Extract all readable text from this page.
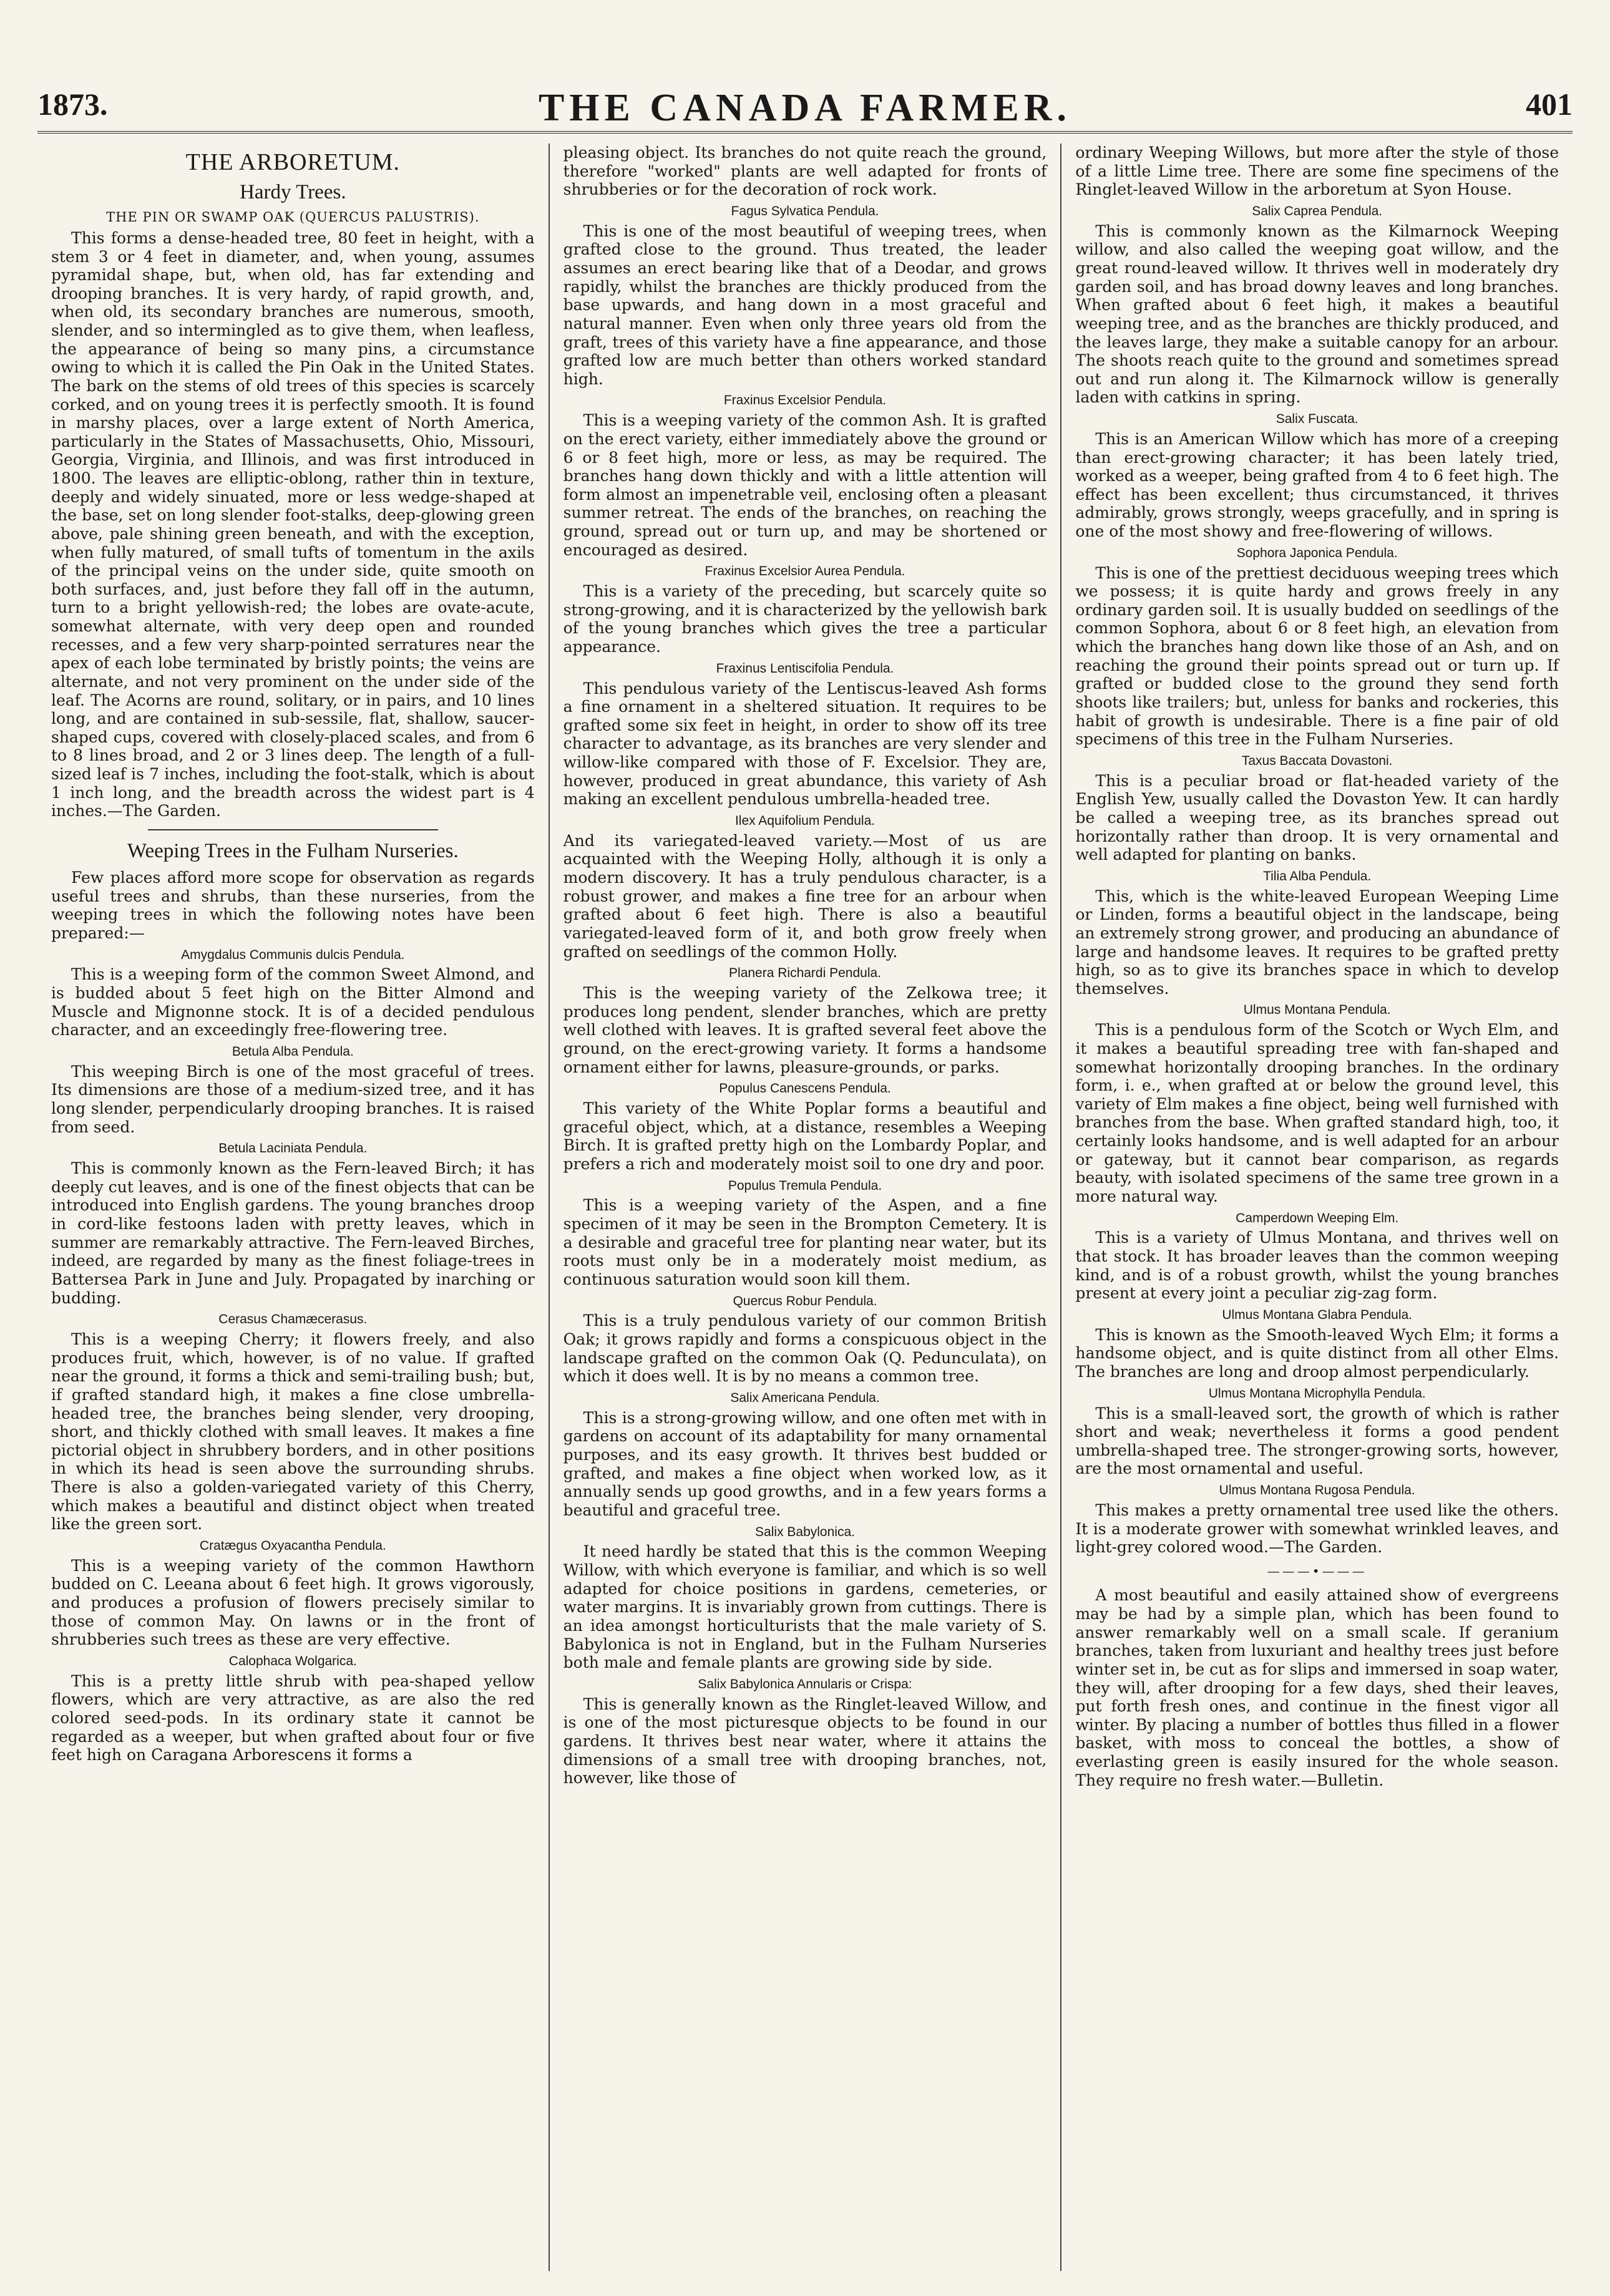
1873.	THE CANADA FARMER.	401
THE ARBORETUM.
Hardy Trees.
THE PIN OR SWAMP OAK (QUERCUS PALUSTRIS).

This forms a dense-headed tree, 80 feet in height, with a stem 3 or 4 feet in diameter, and, when young, assumes pyramidal shape, but, when old, has far extending and drooping branches. It is very hardy, of rapid growth, and, when old, its secondary branches are numerous, smooth, slender, and so intermingled as to give them, when leafless, the appearance of being so many pins, a circumstance owing to which it is called the Pin Oak in the United States. The bark on the stems of old trees of this species is scarcely corked, and on young trees it is perfectly smooth. It is found in marshy places, over a large extent of North America, particularly in the States of Massachusetts, Ohio, Missouri, Georgia, Virginia, and Illinois, and was first introduced in 1800. The leaves are elliptic-oblong, rather thin in texture, deeply and widely sinuated, more or less wedge-shaped at the base, set on long slender foot-stalks, deep-glowing green above, pale shining green beneath, and with the exception, when fully matured, of small tufts of tomentum in the axils of the principal veins on the under side, quite smooth on both surfaces, and, just before they fall off in the autumn, turn to a bright yellowish-red; the lobes are ovate-acute, somewhat alternate, with very deep open and rounded recesses, and a few very sharp-pointed serratures near the apex of each lobe terminated by bristly points; the veins are alternate, and not very prominent on the under side of the leaf. The Acorns are round, solitary, or in pairs, and 10 lines long, and are contained in sub-sessile, flat, shallow, saucer-shaped cups, covered with closely-placed scales, and from 6 to 8 lines broad, and 2 or 3 lines deep. The length of a full-sized leaf is 7 inches, including the foot-stalk, which is about 1 inch long, and the breadth across the widest part is 4 inches.—The Garden.

Weeping Trees in the Fulham Nurseries.

Few places afford more scope for observation as regards useful trees and shrubs, than these nurseries, from the weeping trees in which the following notes have been prepared:—

Amygdalus Communis dulcis Pendula.

This is a weeping form of the common Sweet Almond, and is budded about 5 feet high on the Bitter Almond and Muscle and Mignonne stock. It is of a decided pendulous character, and an exceedingly free-flowering tree.

Betula Alba Pendula.

This weeping Birch is one of the most graceful of trees. Its dimensions are those of a medium-sized tree, and it has long slender, perpendicularly drooping branches. It is raised from seed.

Betula Laciniata Pendula.

This is commonly known as the Fern-leaved Birch; it has deeply cut leaves, and is one of the finest objects that can be introduced into English gardens. The young branches droop in cord-like festoons laden with pretty leaves, which in summer are remarkably attractive. The Fern-leaved Birches, indeed, are regarded by many as the finest foliage-trees in Battersea Park in June and July. Propagated by inarching or budding.

Cerasus Chamæcerasus.

This is a weeping Cherry; it flowers freely, and also produces fruit, which, however, is of no value. If grafted near the ground, it forms a thick and semi-trailing bush; but, if grafted standard high, it makes a fine close umbrella-headed tree, the branches being slender, very drooping, short, and thickly clothed with small leaves. It makes a fine pictorial object in shrubbery borders, and in other positions in which its head is seen above the surrounding shrubs. There is also a golden-variegated variety of this Cherry, which makes a beautiful and distinct object when treated like the green sort.

Cratægus Oxyacantha Pendula.

This is a weeping variety of the common Hawthorn budded on C. Leeana about 6 feet high. It grows vigorously, and produces a profusion of flowers precisely similar to those of common May. On lawns or in the front of shrubberies such trees as these are very effective.

Calophaca Wolgarica.

This is a pretty little shrub with pea-shaped yellow flowers, which are very attractive, as are also the red colored seed-pods. In its ordinary state it cannot be regarded as a weeper, but when grafted about four or five feet high on Caragana Arborescens it forms a

pleasing object. Its branches do not quite reach the ground, therefore "worked" plants are well adapted for fronts of shrubberies or for the decoration of rock work.

Fagus Sylvatica Pendula.

This is one of the most beautiful of weeping trees, when grafted close to the ground. Thus treated, the leader assumes an erect bearing like that of a Deodar, and grows rapidly, whilst the branches are thickly produced from the base upwards, and hang down in a most graceful and natural manner. Even when only three years old from the graft, trees of this variety have a fine appearance, and those grafted low are much better than others worked standard high.

Fraxinus Excelsior Pendula.

This is a weeping variety of the common Ash. It is grafted on the erect variety, either immediately above the ground or 6 or 8 feet high, more or less, as may be required. The branches hang down thickly and with a little attention will form almost an impenetrable veil, enclosing often a pleasant summer retreat. The ends of the branches, on reaching the ground, spread out or turn up, and may be shortened or encouraged as desired.

Fraxinus Excelsior Aurea Pendula.

This is a variety of the preceding, but scarcely quite so strong-growing, and it is characterized by the yellowish bark of the young branches which gives the tree a particular appearance.

Fraxinus Lentiscifolia Pendula.

This pendulous variety of the Lentiscus-leaved Ash forms a fine ornament in a sheltered situation. It requires to be grafted some six feet in height, in order to show off its tree character to advantage, as its branches are very slender and willow-like compared with those of F. Excelsior. They are, however, produced in great abundance, this variety of Ash making an excellent pendulous umbrella-headed tree.

Ilex Aquifolium Pendula.

And its variegated-leaved variety.—Most of us are acquainted with the Weeping Holly, although it is only a modern discovery. It has a truly pendulous character, is a robust grower, and makes a fine tree for an arbour when grafted about 6 feet high. There is also a beautiful variegated-leaved form of it, and both grow freely when grafted on seedlings of the common Holly.

Planera Richardi Pendula.

This is the weeping variety of the Zelkowa tree; it produces long pendent, slender branches, which are pretty well clothed with leaves. It is grafted several feet above the ground, on the erect-growing variety. It forms a handsome ornament either for lawns, pleasure-grounds, or parks.

Populus Canescens Pendula.

This variety of the White Poplar forms a beautiful and graceful object, which, at a distance, resembles a Weeping Birch. It is grafted pretty high on the Lombardy Poplar, and prefers a rich and moderately moist soil to one dry and poor.

Populus Tremula Pendula.

This is a weeping variety of the Aspen, and a fine specimen of it may be seen in the Brompton Cemetery. It is a desirable and graceful tree for planting near water, but its roots must only be in a moderately moist medium, as continuous saturation would soon kill them.

Quercus Robur Pendula.

This is a truly pendulous variety of our common British Oak; it grows rapidly and forms a conspicuous object in the landscape grafted on the common Oak (Q. Pedunculata), on which it does well. It is by no means a common tree.

Salix Americana Pendula.

This is a strong-growing willow, and one often met with in gardens on account of its adaptability for many ornamental purposes, and its easy growth. It thrives best budded or grafted, and makes a fine object when worked low, as it annually sends up good growths, and in a few years forms a beautiful and graceful tree.

Salix Babylonica.

It need hardly be stated that this is the common Weeping Willow, with which everyone is familiar, and which is so well adapted for choice positions in gardens, cemeteries, or water margins. It is invariably grown from cuttings. There is an idea amongst horticulturists that the male variety of S. Babylonica is not in England, but in the Fulham Nurseries both male and female plants are growing side by side.

Salix Babylonica Annularis or Crispa:

This is generally known as the Ringlet-leaved Willow, and is one of the most picturesque objects to be found in our gardens. It thrives best near water, where it attains the dimensions of a small tree with drooping branches, not, however, like those of

ordinary Weeping Willows, but more after the style of those of a little Lime tree. There are some fine specimens of the Ringlet-leaved Willow in the arboretum at Syon House.

Salix Caprea Pendula.

This is commonly known as the Kilmarnock Weeping willow, and also called the weeping goat willow, and the great round-leaved willow. It thrives well in moderately dry garden soil, and has broad downy leaves and long branches. When grafted about 6 feet high, it makes a beautiful weeping tree, and as the branches are thickly produced, and the leaves large, they make a suitable canopy for an arbour. The shoots reach quite to the ground and sometimes spread out and run along it. The Kilmarnock willow is generally laden with catkins in spring.

Salix Fuscata.

This is an American Willow which has more of a creeping than erect-growing character; it has been lately tried, worked as a weeper, being grafted from 4 to 6 feet high. The effect has been excellent; thus circumstanced, it thrives admirably, grows strongly, weeps gracefully, and in spring is one of the most showy and free-flowering of willows.

Sophora Japonica Pendula.

This is one of the prettiest deciduous weeping trees which we possess; it is quite hardy and grows freely in any ordinary garden soil. It is usually budded on seedlings of the common Sophora, about 6 or 8 feet high, an elevation from which the branches hang down like those of an Ash, and on reaching the ground their points spread out or turn up. If grafted or budded close to the ground they send forth shoots like trailers; but, unless for banks and rockeries, this habit of growth is undesirable. There is a fine pair of old specimens of this tree in the Fulham Nurseries.

Taxus Baccata Dovastoni.

This is a peculiar broad or flat-headed variety of the English Yew, usually called the Dovaston Yew. It can hardly be called a weeping tree, as its branches spread out horizontally rather than droop. It is very ornamental and well adapted for planting on banks.

Tilia Alba Pendula.

This, which is the white-leaved European Weeping Lime or Linden, forms a beautiful object in the landscape, being an extremely strong grower, and producing an abundance of large and handsome leaves. It requires to be grafted pretty high, so as to give its branches space in which to develop themselves.

Ulmus Montana Pendula.

This is a pendulous form of the Scotch or Wych Elm, and it makes a beautiful spreading tree with fan-shaped and somewhat horizontally drooping branches. In the ordinary form, i. e., when grafted at or below the ground level, this variety of Elm makes a fine object, being well furnished with branches from the base. When grafted standard high, too, it certainly looks handsome, and is well adapted for an arbour or gateway, but it cannot bear comparison, as regards beauty, with isolated specimens of the same tree grown in a more natural way.

Camperdown Weeping Elm.

This is a variety of Ulmus Montana, and thrives well on that stock. It has broader leaves than the common weeping kind, and is of a robust growth, whilst the young branches present at every joint a peculiar zig-zag form.

Ulmus Montana Glabra Pendula.

This is known as the Smooth-leaved Wych Elm; it forms a handsome object, and is quite distinct from all other Elms. The branches are long and droop almost perpendicularly.

Ulmus Montana Microphylla Pendula.

This is a small-leaved sort, the growth of which is rather short and weak; nevertheless it forms a good pendent umbrella-shaped tree. The stronger-growing sorts, however, are the most ornamental and useful.

Ulmus Montana Rugosa Pendula.

This makes a pretty ornamental tree used like the others. It is a moderate grower with somewhat wrinkled leaves, and light-grey colored wood.—The Garden.

———•———

A most beautiful and easily attained show of evergreens may be had by a simple plan, which has been found to answer remarkably well on a small scale. If geranium branches, taken from luxuriant and healthy trees just before winter set in, be cut as for slips and immersed in soap water, they will, after drooping for a few days, shed their leaves, put forth fresh ones, and continue in the finest vigor all winter. By placing a number of bottles thus filled in a flower basket, with moss to conceal the bottles, a show of everlasting green is easily insured for the whole season. They require no fresh water.—Bulletin.
